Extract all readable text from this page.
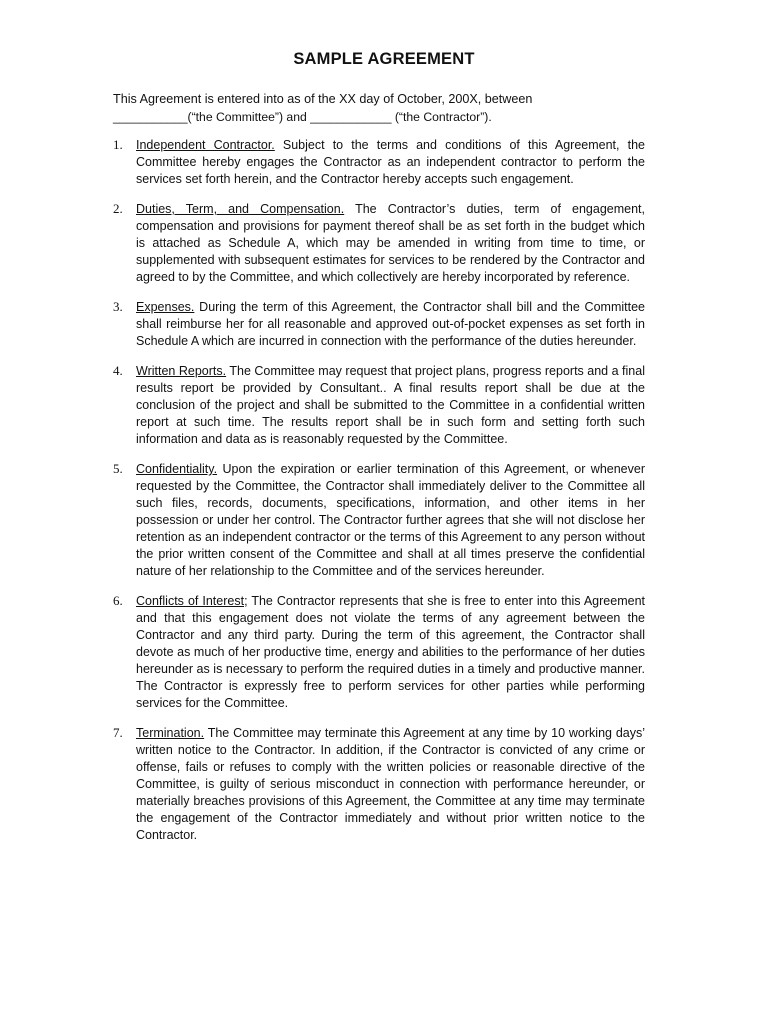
SAMPLE AGREEMENT
This Agreement is entered into as of the XX day of October, 200X, between
___________(“the Committee”) and ____________ (“the Contractor”).
1. Independent Contractor. Subject to the terms and conditions of this Agreement, the Committee hereby engages the Contractor as an independent contractor to perform the services set forth herein, and the Contractor hereby accepts such engagement.
2. Duties, Term, and Compensation. The Contractor’s duties, term of engagement, compensation and provisions for payment thereof shall be as set forth in the budget which is attached as Schedule A, which may be amended in writing from time to time, or supplemented with subsequent estimates for services to be rendered by the Contractor and agreed to by the Committee, and which collectively are hereby incorporated by reference.
3. Expenses. During the term of this Agreement, the Contractor shall bill and the Committee shall reimburse her for all reasonable and approved out-of-pocket expenses as set forth in Schedule A which are incurred in connection with the performance of the duties hereunder.
4. Written Reports. The Committee may request that project plans, progress reports and a final results report be provided by Consultant.. A final results report shall be due at the conclusion of the project and shall be submitted to the Committee in a confidential written report at such time. The results report shall be in such form and setting forth such information and data as is reasonably requested by the Committee.
5. Confidentiality. Upon the expiration or earlier termination of this Agreement, or whenever requested by the Committee, the Contractor shall immediately deliver to the Committee all such files, records, documents, specifications, information, and other items in her possession or under her control. The Contractor further agrees that she will not disclose her retention as an independent contractor or the terms of this Agreement to any person without the prior written consent of the Committee and shall at all times preserve the confidential nature of her relationship to the Committee and of the services hereunder.
6. Conflicts of Interest; The Contractor represents that she is free to enter into this Agreement and that this engagement does not violate the terms of any agreement between the Contractor and any third party. During the term of this agreement, the Contractor shall devote as much of her productive time, energy and abilities to the performance of her duties hereunder as is necessary to perform the required duties in a timely and productive manner. The Contractor is expressly free to perform services for other parties while performing services for the Committee.
7. Termination. The Committee may terminate this Agreement at any time by 10 working days’ written notice to the Contractor. In addition, if the Contractor is convicted of any crime or offense, fails or refuses to comply with the written policies or reasonable directive of the Committee, is guilty of serious misconduct in connection with performance hereunder, or materially breaches provisions of this Agreement, the Committee at any time may terminate the engagement of the Contractor immediately and without prior written notice to the Contractor.
